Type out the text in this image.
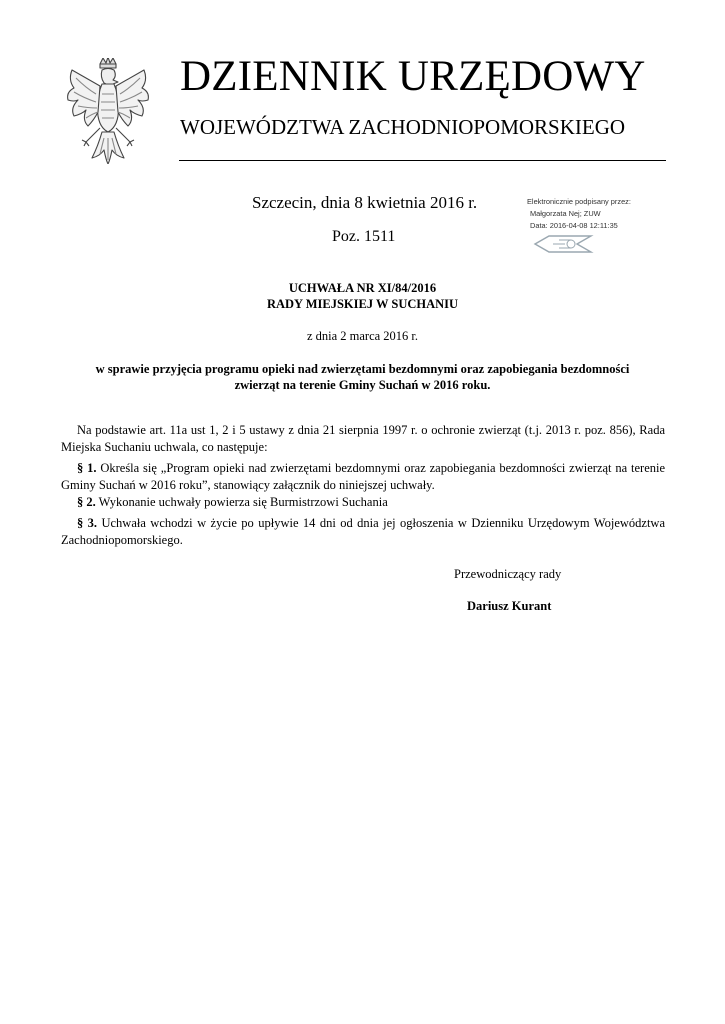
DZIENNIK URZĘDOWY
WOJEWÓDZTWA ZACHODNIOPOMORSKIEGO
Szczecin, dnia 8 kwietnia 2016 r.
Poz. 1511
Elektronicznie podpisany przez:
Małgorzata Nej; ZUW
Data: 2016-04-08 12:11:35
UCHWAŁA NR XI/84/2016
RADY MIEJSKIEJ W SUCHANIU
z dnia 2 marca 2016 r.
w sprawie przyjęcia programu opieki nad zwierzętami bezdomnymi oraz zapobiegania bezdomności
zwierząt na terenie Gminy Suchań w 2016 roku.

Na podstawie art. 11a ust 1, 2 i 5 ustawy z dnia 21 sierpnia 1997 r. o ochronie zwierząt (t.j. 2013 r. poz. 856), Rada Miejska Suchaniu uchwala, co następuje:

§ 1. Określa się „Program opieki nad zwierzętami bezdomnymi oraz zapobiegania bezdomności zwierząt na terenie Gminy Suchań w 2016 roku”, stanowiący załącznik do niniejszej uchwały.

§ 2. Wykonanie uchwały powierza się Burmistrzowi Suchania

§ 3. Uchwała wchodzi w życie po upływie 14 dni od dnia jej ogłoszenia w Dzienniku Urzędowym Województwa Zachodniopomorskiego.

Przewodniczący rady
Dariusz Kurant
